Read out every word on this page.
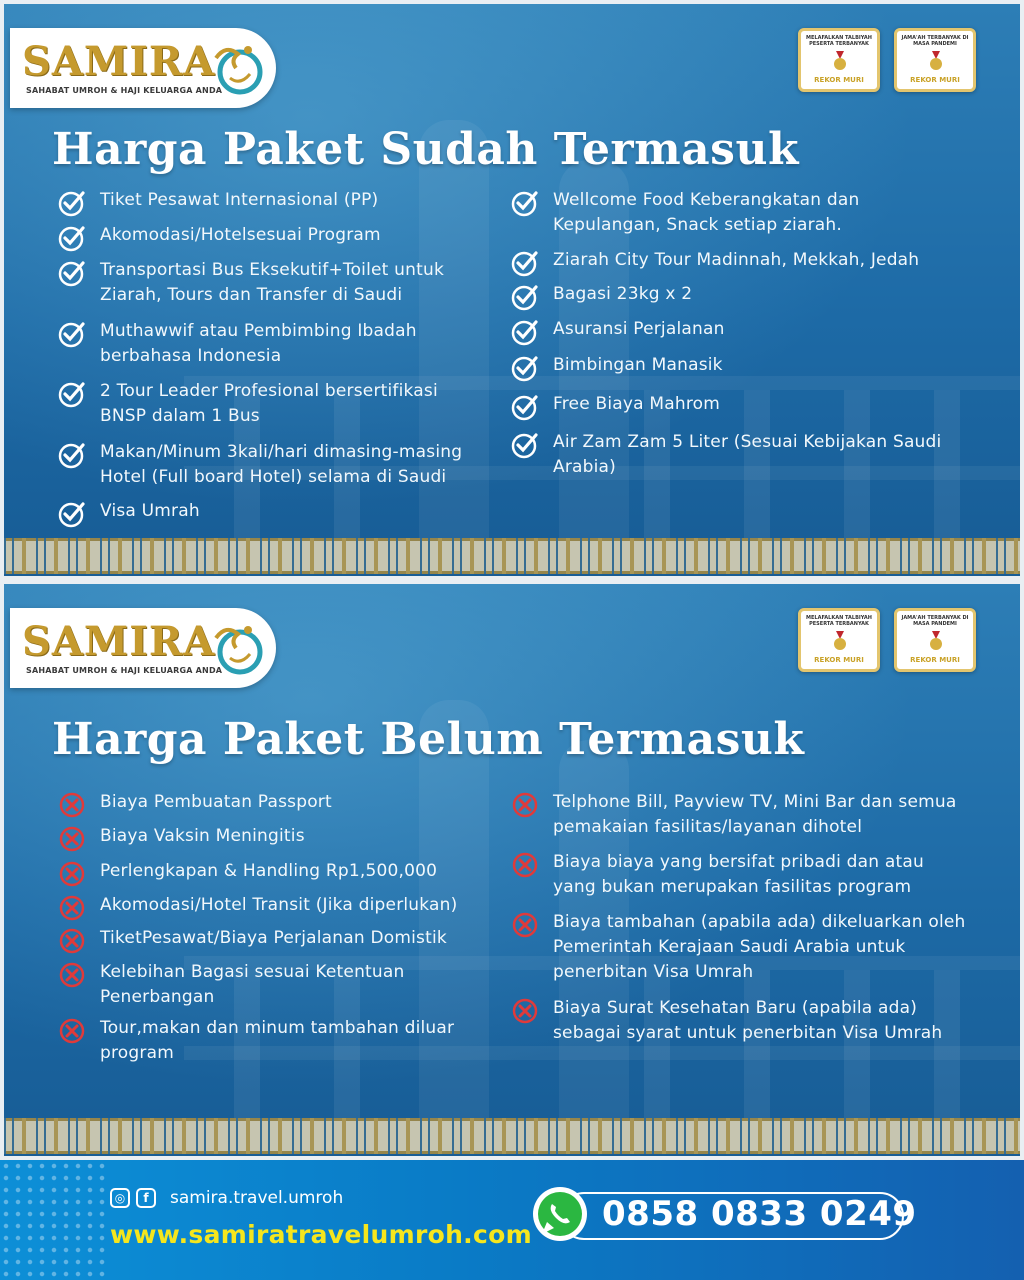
SAMIRA
SAHABAT UMROH & HAJI KELUARGA ANDA
MELAFALKAN TALBIYAH PESERTA TERBANYAK
REKOR MURI
JAMA'AH TERBANYAK DI MASA PANDEMI
REKOR MURI
Harga Paket Sudah Termasuk
Tiket Pesawat Internasional (PP)
Akomodasi/Hotelsesuai Program
Transportasi Bus Eksekutif+Toilet untuk Ziarah, Tours dan Transfer di Saudi
Muthawwif atau Pembimbing Ibadah berbahasa Indonesia
2 Tour Leader Profesional bersertifikasi BNSP dalam 1 Bus
Makan/Minum 3kali/hari dimasing-masing Hotel (Full board Hotel) selama di Saudi
Visa Umrah
Wellcome Food Keberangkatan dan Kepulangan, Snack setiap ziarah.
Ziarah City Tour Madinnah, Mekkah, Jedah
Bagasi 23kg x 2
Asuransi Perjalanan
Bimbingan Manasik
Free Biaya Mahrom
Air Zam Zam 5 Liter (Sesuai Kebijakan Saudi Arabia)
SAMIRA
SAHABAT UMROH & HAJI KELUARGA ANDA
MELAFALKAN TALBIYAH PESERTA TERBANYAK
REKOR MURI
JAMA'AH TERBANYAK DI MASA PANDEMI
REKOR MURI
Harga Paket Belum Termasuk
Biaya Pembuatan Passport
Biaya Vaksin Meningitis
Perlengkapan & Handling Rp1,500,000
Akomodasi/Hotel Transit (Jika diperlukan)
TiketPesawat/Biaya Perjalanan Domistik
Kelebihan Bagasi sesuai Ketentuan Penerbangan
Tour,makan dan minum tambahan diluar program
Telphone Bill, Payview TV, Mini Bar dan semua pemakaian fasilitas/layanan dihotel
Biaya biaya yang bersifat pribadi dan atau yang bukan merupakan fasilitas program
Biaya tambahan (apabila ada) dikeluarkan oleh Pemerintah Kerajaan Saudi Arabia untuk penerbitan Visa Umrah
Biaya Surat Kesehatan Baru (apabila ada) sebagai syarat untuk penerbitan Visa Umrah
◎	f	samira.travel.umroh
www.samiratravelumroh.com
0858 0833 0249
